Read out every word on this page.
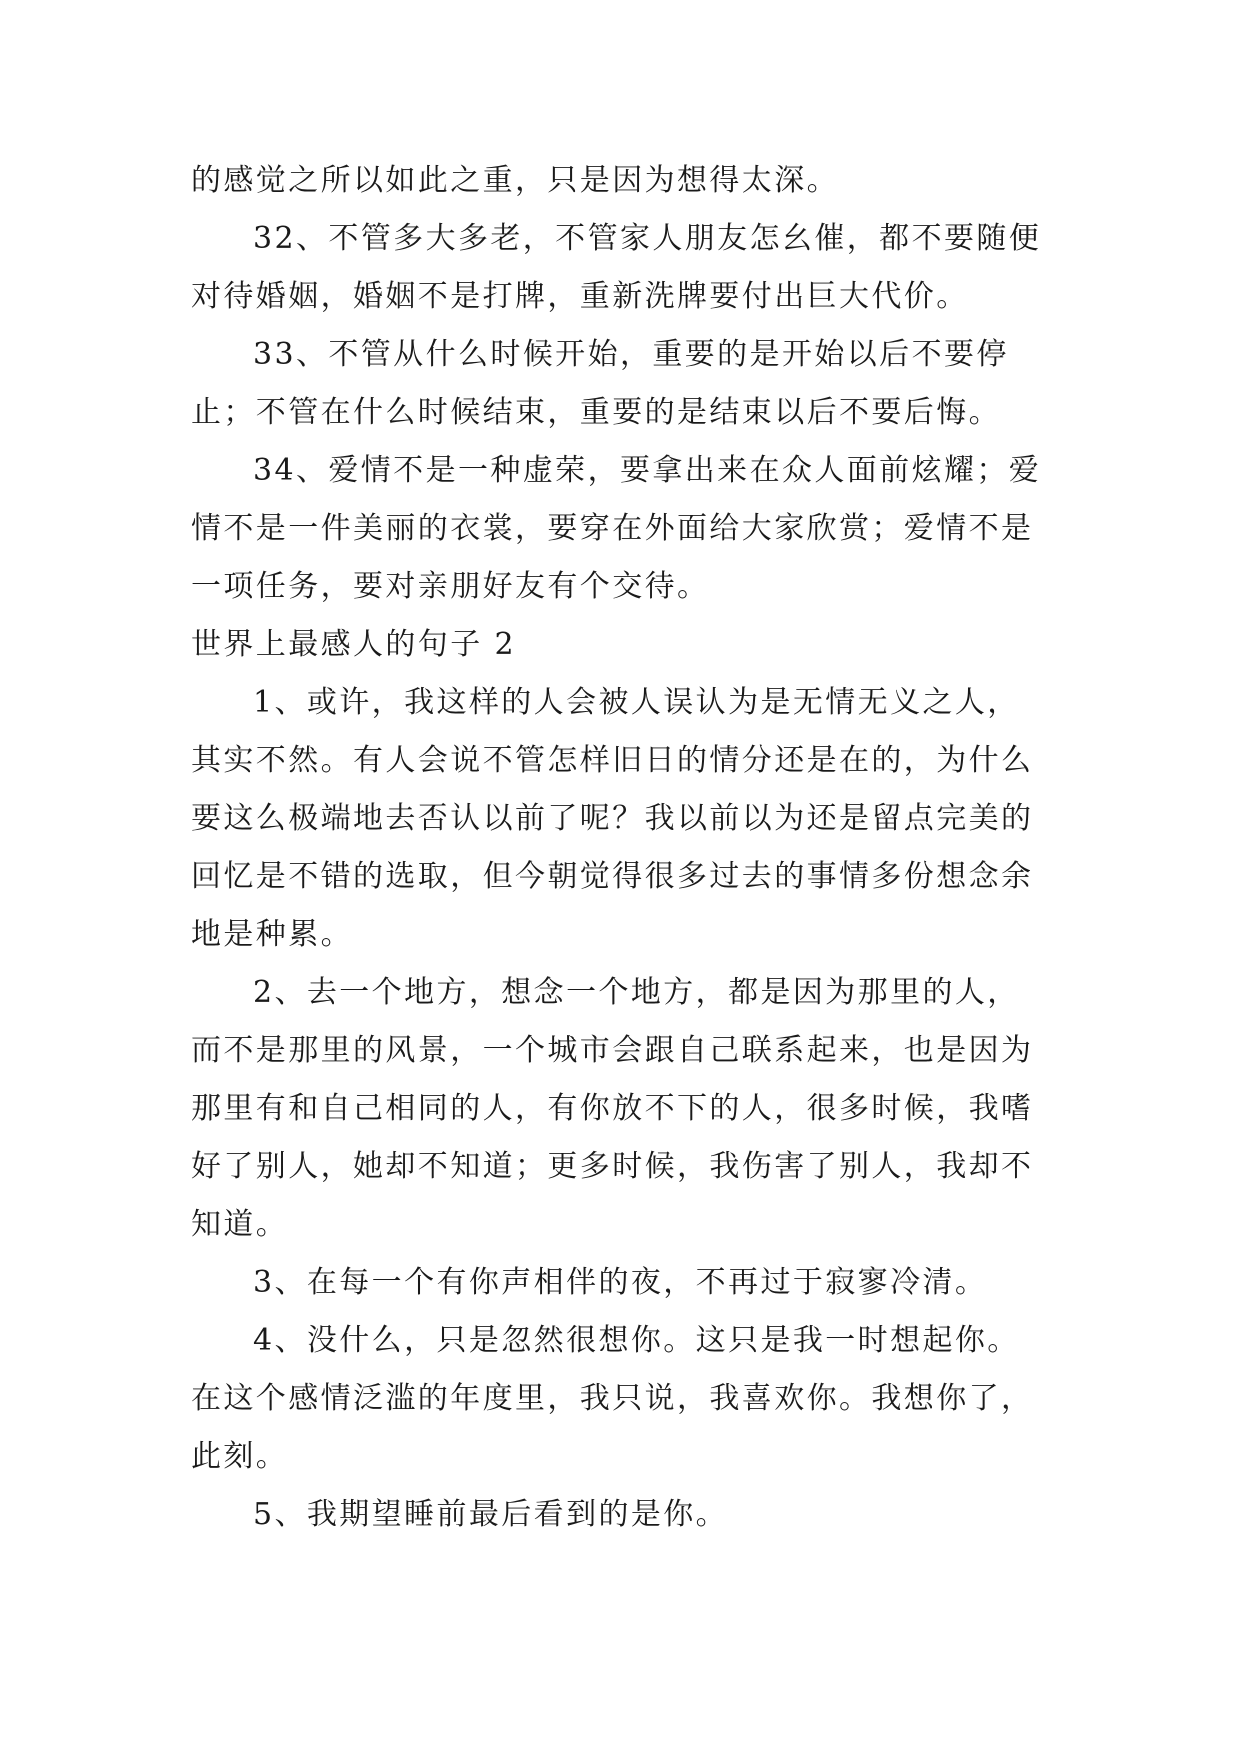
的感觉之所以如此之重，只是因为想得太深。

32、不管多大多老，不管家人朋友怎幺催，都不要随便对待婚姻，婚姻不是打牌，重新洗牌要付出巨大代价。

33、不管从什么时候开始，重要的是开始以后不要停止；不管在什么时候结束，重要的是结束以后不要后悔。

34、爱情不是一种虚荣，要拿出来在众人面前炫耀；爱情不是一件美丽的衣裳，要穿在外面给大家欣赏；爱情不是一项任务，要对亲朋好友有个交待。

世界上最感人的句子 2

1、或许，我这样的人会被人误认为是无情无义之人，其实不然。有人会说不管怎样旧日的情分还是在的，为什么要这么极端地去否认以前了呢？我以前以为还是留点完美的回忆是不错的选取，但今朝觉得很多过去的事情多份想念余地是种累。

2、去一个地方，想念一个地方，都是因为那里的人，而不是那里的风景，一个城市会跟自己联系起来，也是因为那里有和自己相同的人，有你放不下的人，很多时候，我嗜好了别人，她却不知道；更多时候，我伤害了别人，我却不知道。

3、在每一个有你声相伴的夜，不再过于寂寥冷清。

4、没什么，只是忽然很想你。这只是我一时想起你。在这个感情泛滥的年度里，我只说，我喜欢你。我想你了，此刻。

5、我期望睡前最后看到的是你。
